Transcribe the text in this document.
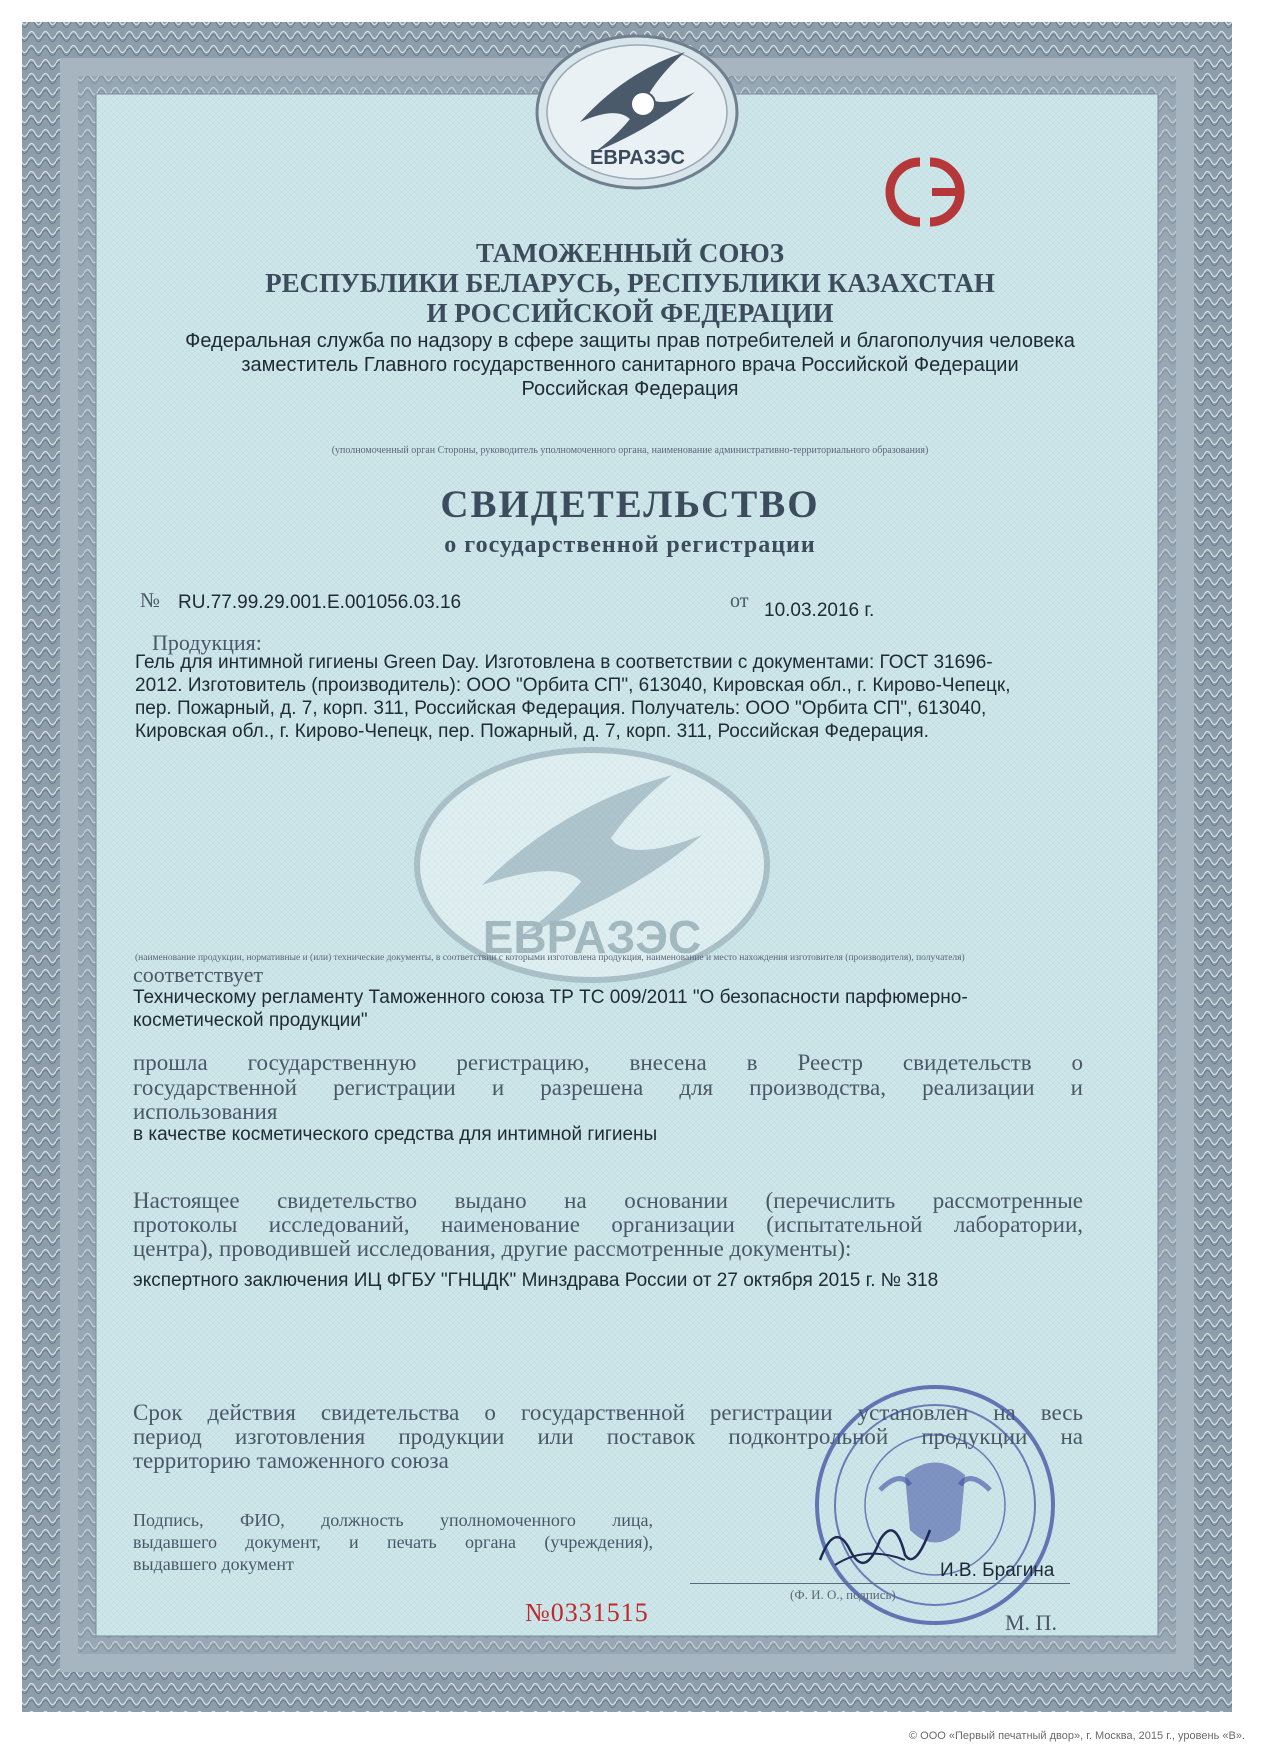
ЕВРАЗЭС
ЕВРАЗЭС
ТАМОЖЕННЫЙ СОЮЗ
РЕСПУБЛИКИ БЕЛАРУСЬ, РЕСПУБЛИКИ КАЗАХСТАН
И РОССИЙСКОЙ ФЕДЕРАЦИИ
Федеральная служба по надзору в сфере защиты прав потребителей и благополучия человека
заместитель Главного государственного санитарного врача Российской Федерации
Российская Федерация
(уполномоченный орган Стороны, руководитель уполномоченного органа, наименование административно-территориального образования)
СВИДЕТЕЛЬСТВО
о государственной регистрации
№ RU.77.99.29.001.E.001056.03.16	от 10.03.2016 г.
Продукция:
Гель для интимной гигиены Green Day. Изготовлена в соответствии с документами: ГОСТ 31696-
2012. Изготовитель (производитель): ООО "Орбита СП", 613040, Кировская обл., г. Кирово-Чепецк,
пер. Пожарный, д. 7, корп. 311, Российская Федерация. Получатель: ООО "Орбита СП", 613040,
Кировская обл., г. Кирово-Чепецк, пер. Пожарный, д. 7, корп. 311, Российская Федерация.
(наименование продукции, нормативные и (или) технические документы, в соответствии с которыми изготовлена продукция, наименование и место нахождения изготовителя (производителя), получателя)
соответствует
Техническому регламенту Таможенного союза ТР ТС 009/2011 "О безопасности парфюмерно-
косметической продукции"
прошла государственную регистрацию, внесена в Реестр свидетельств о
государственной регистрации и разрешена для производства, реализации и
использования
в качестве косметического средства для интимной гигиены
Настоящее свидетельство выдано на основании (перечислить рассмотренные
протоколы исследований, наименование организации (испытательной лаборатории,
центра), проводившей исследования, другие рассмотренные документы):
экспертного заключения ИЦ ФГБУ "ГНЦДК" Минздрава России от 27 октября 2015 г. № 318
Срок действия свидетельства о государственной регистрации установлен на весь
период изготовления продукции или поставок подконтрольной продукции на
территорию таможенного союза
Подпись, ФИО, должность уполномоченного лица,
выдавшего документ, и печать органа (учреждения),
выдавшего документ	И.В. Брагина
(Ф. И. О., подпись)
М. П.
№0331515
© ООО «Первый печатный двор», г. Москва, 2015 г., уровень «В».
